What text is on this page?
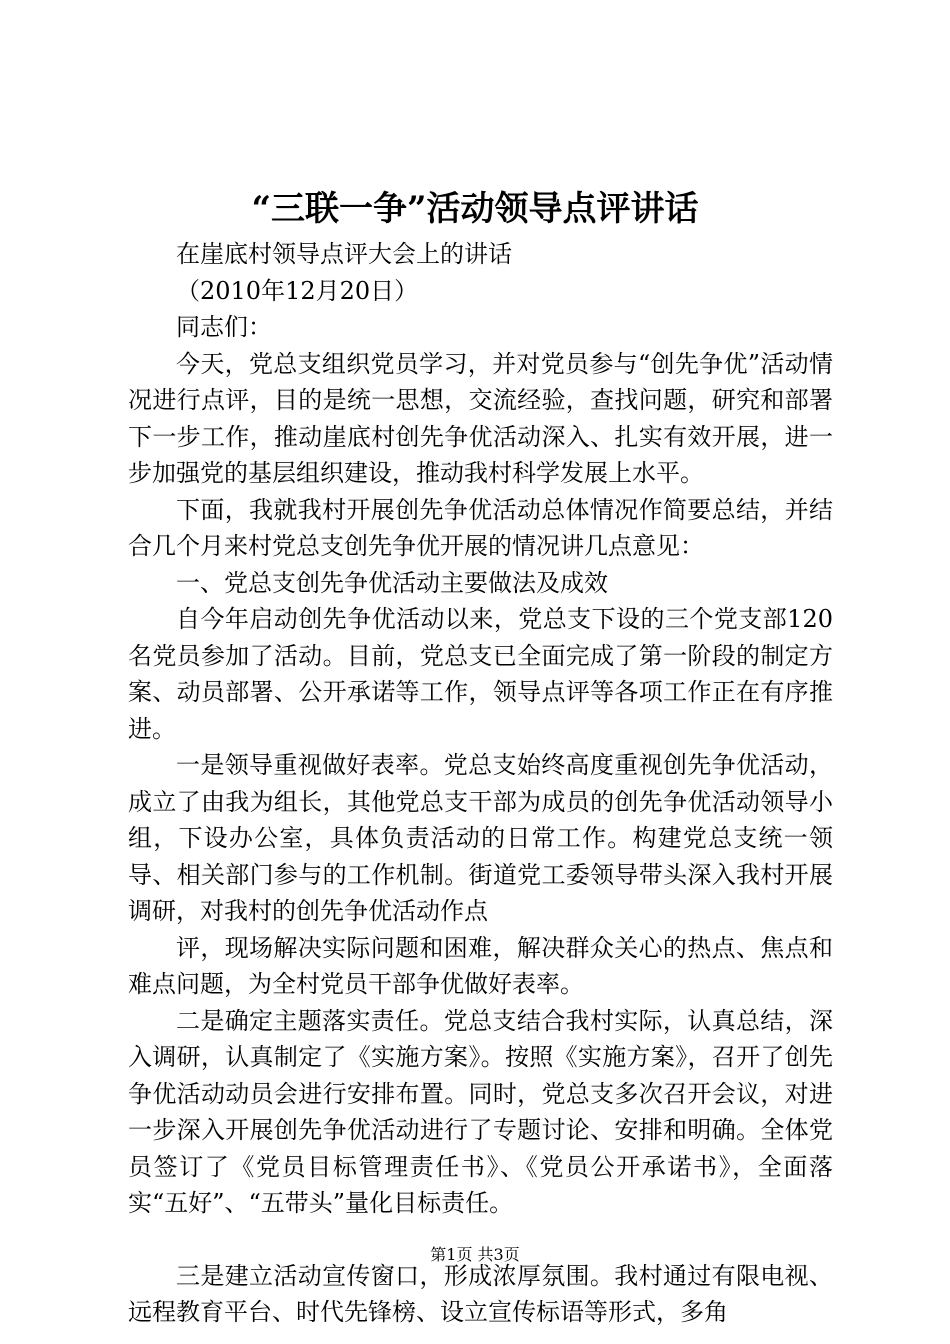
“三联一争”活动领导点评讲话

在崖底村领导点评大会上的讲话

（2010年12月20日）

同志们：

今天，党总支组织党员学习，并对党员参与“创先争优”活动情况进行点评，目的是统一思想，交流经验，查找问题，研究和部署下一步工作，推动崖底村创先争优活动深入、扎实有效开展，进一步加强党的基层组织建设，推动我村科学发展上水平。

下面，我就我村开展创先争优活动总体情况作简要总结，并结合几个月来村党总支创先争优开展的情况讲几点意见：

一、党总支创先争优活动主要做法及成效

自今年启动创先争优活动以来，党总支下设的三个党支部120名党员参加了活动。目前，党总支已全面完成了第一阶段的制定方案、动员部署、公开承诺等工作，领导点评等各项工作正在有序推进。

一是领导重视做好表率。党总支始终高度重视创先争优活动，成立了由我为组长，其他党总支干部为成员的创先争优活动领导小组，下设办公室，具体负责活动的日常工作。构建党总支统一领导、相关部门参与的工作机制。街道党工委领导带头深入我村开展调研，对我村的创先争优活动作点

评，现场解决实际问题和困难，解决群众关心的热点、焦点和难点问题，为全村党员干部争优做好表率。

二是确定主题落实责任。党总支结合我村实际，认真总结，深入调研，认真制定了《实施方案》。按照《实施方案》，召开了创先争优活动动员会进行安排布置。同时，党总支多次召开会议，对进一步深入开展创先争优活动进行了专题讨论、安排和明确。全体党员签订了《党员目标管理责任书》、《党员公开承诺书》，全面落实“五好”、“五带头”量化目标责任。

三是建立活动宣传窗口，形成浓厚氛围。我村通过有限电视、远程教育平台、时代先锋榜、设立宣传标语等形式，多角

第1页 共3页
